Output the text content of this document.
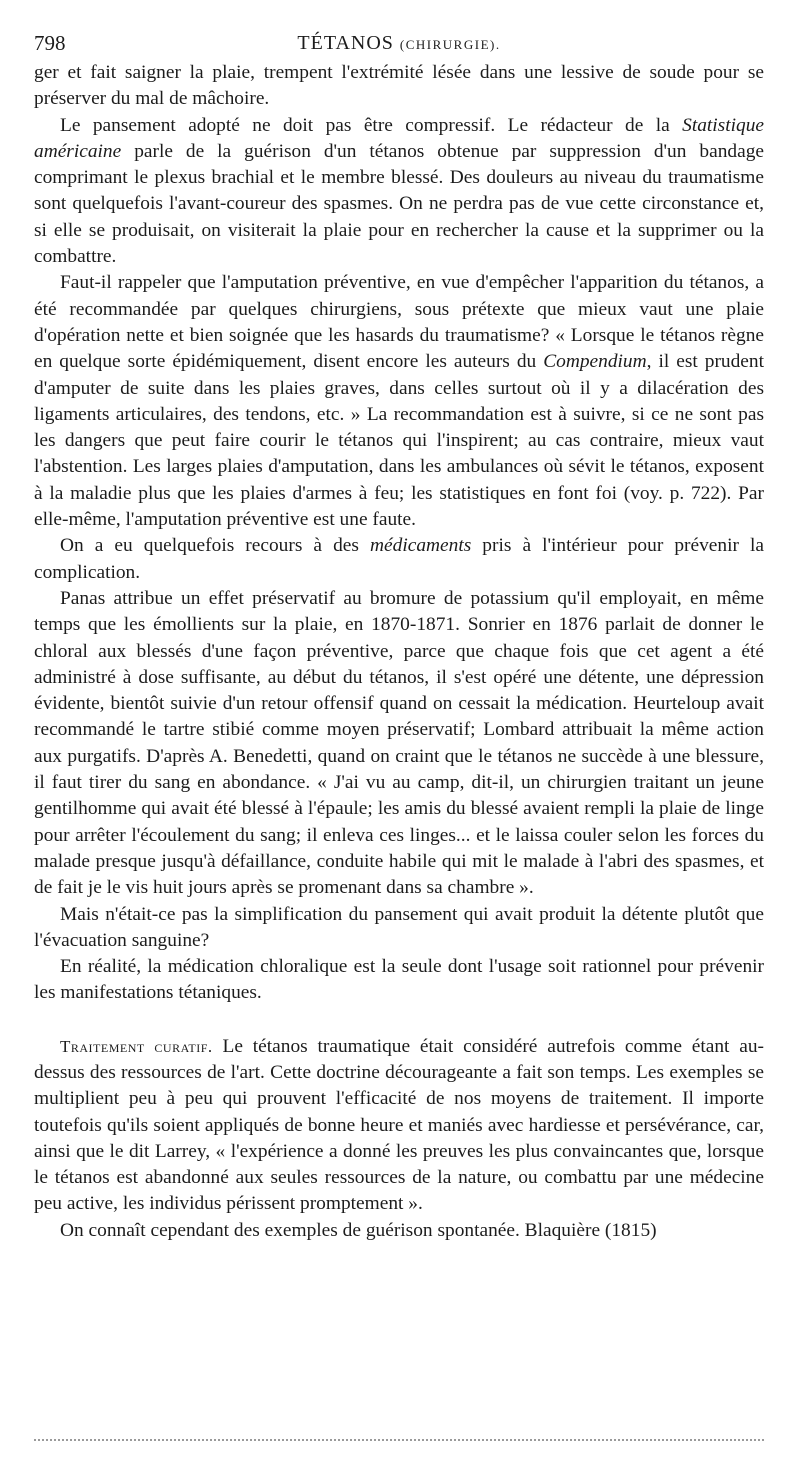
798	TÉTANOS (CHIRURGIE).

ger et fait saigner la plaie, trempent l'extrémité lésée dans une lessive de soude pour se préserver du mal de mâchoire.

Le pansement adopté ne doit pas être compressif. Le rédacteur de la Statistique américaine parle de la guérison d'un tétanos obtenue par suppression d'un bandage comprimant le plexus brachial et le membre blessé. Des douleurs au niveau du traumatisme sont quelquefois l'avant-coureur des spasmes. On ne perdra pas de vue cette circonstance et, si elle se produisait, on visiterait la plaie pour en rechercher la cause et la supprimer ou la combattre.

Faut-il rappeler que l'amputation préventive, en vue d'empêcher l'apparition du tétanos, a été recommandée par quelques chirurgiens, sous prétexte que mieux vaut une plaie d'opération nette et bien soignée que les hasards du traumatisme? « Lorsque le tétanos règne en quelque sorte épidémiquement, disent encore les auteurs du Compendium, il est prudent d'amputer de suite dans les plaies graves, dans celles surtout où il y a dilacération des ligaments articulaires, des tendons, etc. » La recommandation est à suivre, si ce ne sont pas les dangers que peut faire courir le tétanos qui l'inspirent; au cas contraire, mieux vaut l'abstention. Les larges plaies d'amputation, dans les ambulances où sévit le tétanos, exposent à la maladie plus que les plaies d'armes à feu; les statistiques en font foi (voy. p. 722). Par elle-même, l'amputation préventive est une faute.

On a eu quelquefois recours à des médicaments pris à l'intérieur pour prévenir la complication.

Panas attribue un effet préservatif au bromure de potassium qu'il employait, en même temps que les émollients sur la plaie, en 1870-1871. Sonrier en 1876 parlait de donner le chloral aux blessés d'une façon préventive, parce que chaque fois que cet agent a été administré à dose suffisante, au début du tétanos, il s'est opéré une détente, une dépression évidente, bientôt suivie d'un retour offensif quand on cessait la médication. Heurteloup avait recommandé le tartre stibié comme moyen préservatif; Lombard attribuait la même action aux purgatifs. D'après A. Benedetti, quand on craint que le tétanos ne succède à une blessure, il faut tirer du sang en abondance. « J'ai vu au camp, dit-il, un chirurgien traitant un jeune gentilhomme qui avait été blessé à l'épaule; les amis du blessé avaient rempli la plaie de linge pour arrêter l'écoulement du sang; il enleva ces linges... et le laissa couler selon les forces du malade presque jusqu'à défaillance, conduite habile qui mit le malade à l'abri des spasmes, et de fait je le vis huit jours après se promenant dans sa chambre ».

Mais n'était-ce pas la simplification du pansement qui avait produit la détente plutôt que l'évacuation sanguine?

En réalité, la médication chloralique est la seule dont l'usage soit rationnel pour prévenir les manifestations tétaniques.

Traitement curatif. Le tétanos traumatique était considéré autrefois comme étant au-dessus des ressources de l'art. Cette doctrine décourageante a fait son temps. Les exemples se multiplient peu à peu qui prouvent l'efficacité de nos moyens de traitement. Il importe toutefois qu'ils soient appliqués de bonne heure et maniés avec hardiesse et persévérance, car, ainsi que le dit Larrey, « l'expérience a donné les preuves les plus convaincantes que, lorsque le tétanos est abandonné aux seules ressources de la nature, ou combattu par une médecine peu active, les individus périssent promptement ».

On connaît cependant des exemples de guérison spontanée. Blaquière (1815)
